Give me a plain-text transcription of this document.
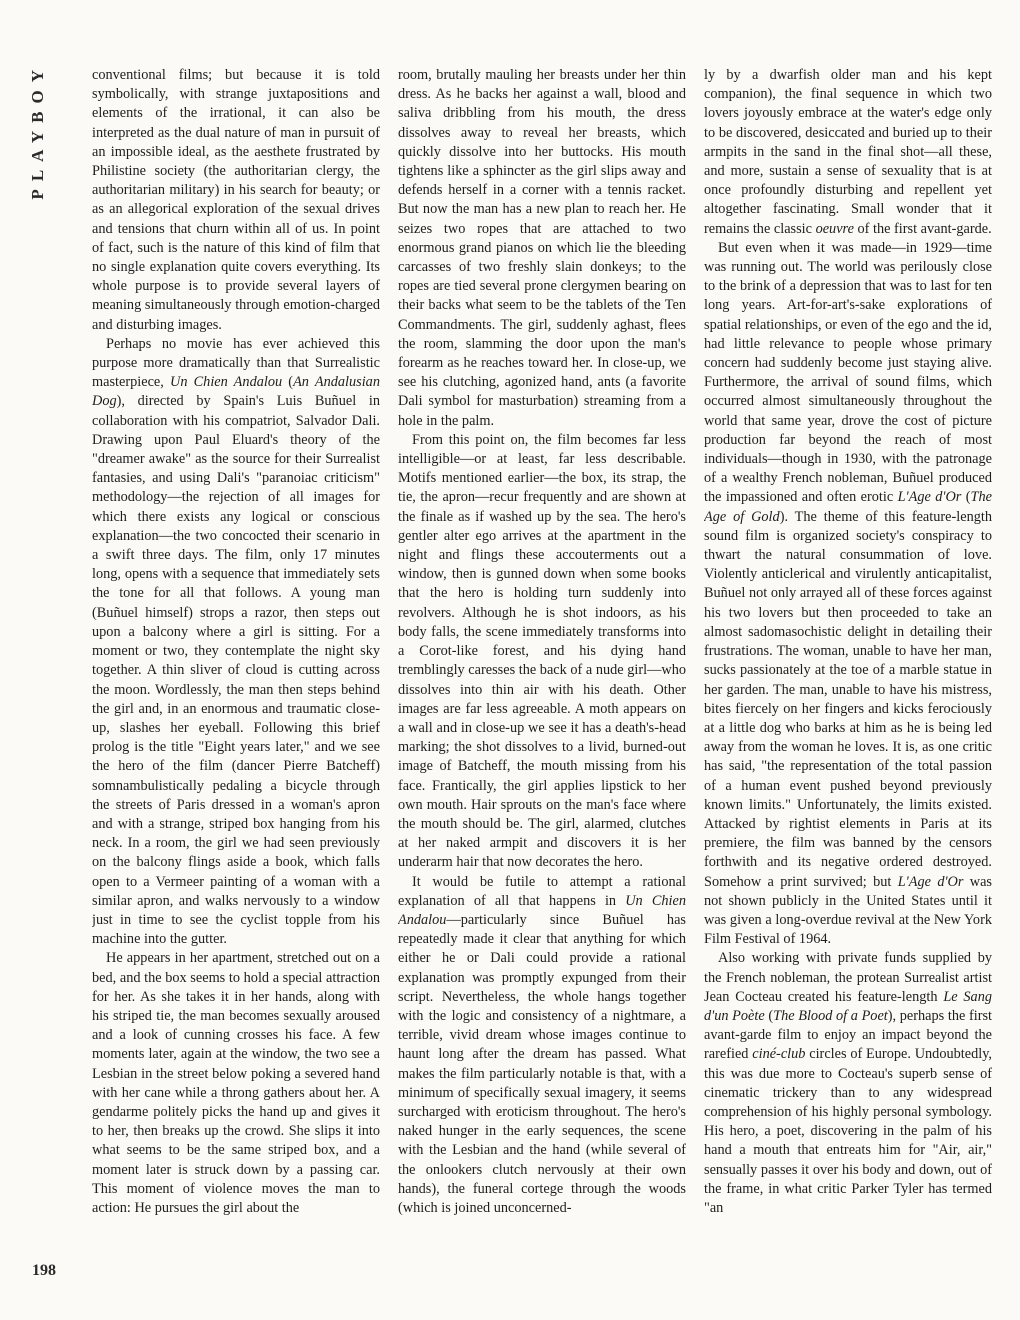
PLAYBOY
198

conventional films; but because it is told symbolically, with strange juxtapositions and elements of the irrational, it can also be interpreted as the dual nature of man in pursuit of an impossible ideal, as the aesthete frustrated by Philistine society (the authoritarian clergy, the authoritarian military) in his search for beauty; or as an allegorical exploration of the sexual drives and tensions that churn within all of us. In point of fact, such is the nature of this kind of film that no single explanation quite covers everything. Its whole purpose is to provide several layers of meaning simultaneously through emotion-charged and disturbing images.

Perhaps no movie has ever achieved this purpose more dramatically than that Surrealistic masterpiece, Un Chien Andalou (An Andalusian Dog), directed by Spain's Luis Buñuel in collaboration with his compatriot, Salvador Dali. Drawing upon Paul Eluard's theory of the "dreamer awake" as the source for their Surrealist fantasies, and using Dali's "paranoiac criticism" methodology—the rejection of all images for which there exists any logical or conscious explanation—the two concocted their scenario in a swift three days. The film, only 17 minutes long, opens with a sequence that immediately sets the tone for all that follows. A young man (Buñuel himself) strops a razor, then steps out upon a balcony where a girl is sitting. For a moment or two, they contemplate the night sky together. A thin sliver of cloud is cutting across the moon. Wordlessly, the man then steps behind the girl and, in an enormous and traumatic close-up, slashes her eyeball. Following this brief prolog is the title "Eight years later," and we see the hero of the film (dancer Pierre Batcheff) somnambulistically pedaling a bicycle through the streets of Paris dressed in a woman's apron and with a strange, striped box hanging from his neck. In a room, the girl we had seen previously on the balcony flings aside a book, which falls open to a Vermeer painting of a woman with a similar apron, and walks nervously to a window just in time to see the cyclist topple from his machine into the gutter.

He appears in her apartment, stretched out on a bed, and the box seems to hold a special attraction for her. As she takes it in her hands, along with his striped tie, the man becomes sexually aroused and a look of cunning crosses his face. A few moments later, again at the window, the two see a Lesbian in the street below poking a severed hand with her cane while a throng gathers about her. A gendarme politely picks the hand up and gives it to her, then breaks up the crowd. She slips it into what seems to be the same striped box, and a moment later is struck down by a passing car. This moment of violence moves the man to action: He pursues the girl about the

room, brutally mauling her breasts under her thin dress. As he backs her against a wall, blood and saliva dribbling from his mouth, the dress dissolves away to reveal her breasts, which quickly dissolve into her buttocks. His mouth tightens like a sphincter as the girl slips away and defends herself in a corner with a tennis racket. But now the man has a new plan to reach her. He seizes two ropes that are attached to two enormous grand pianos on which lie the bleeding carcasses of two freshly slain donkeys; to the ropes are tied several prone clergymen bearing on their backs what seem to be the tablets of the Ten Commandments. The girl, suddenly aghast, flees the room, slamming the door upon the man's forearm as he reaches toward her. In close-up, we see his clutching, agonized hand, ants (a favorite Dali symbol for masturbation) streaming from a hole in the palm.

From this point on, the film becomes far less intelligible—or at least, far less describable. Motifs mentioned earlier—the box, its strap, the tie, the apron—recur frequently and are shown at the finale as if washed up by the sea. The hero's gentler alter ego arrives at the apartment in the night and flings these accouterments out a window, then is gunned down when some books that the hero is holding turn suddenly into revolvers. Although he is shot indoors, as his body falls, the scene immediately transforms into a Corot-like forest, and his dying hand tremblingly caresses the back of a nude girl—who dissolves into thin air with his death. Other images are far less agreeable. A moth appears on a wall and in close-up we see it has a death's-head marking; the shot dissolves to a livid, burned-out image of Batcheff, the mouth missing from his face. Frantically, the girl applies lipstick to her own mouth. Hair sprouts on the man's face where the mouth should be. The girl, alarmed, clutches at her naked armpit and discovers it is her underarm hair that now decorates the hero.

It would be futile to attempt a rational explanation of all that happens in Un Chien Andalou—particularly since Buñuel has repeatedly made it clear that anything for which either he or Dali could provide a rational explanation was promptly expunged from their script. Nevertheless, the whole hangs together with the logic and consistency of a nightmare, a terrible, vivid dream whose images continue to haunt long after the dream has passed. What makes the film particularly notable is that, with a minimum of specifically sexual imagery, it seems surcharged with eroticism throughout. The hero's naked hunger in the early sequences, the scene with the Lesbian and the hand (while several of the onlookers clutch nervously at their own hands), the funeral cortege through the woods (which is joined unconcerned-

ly by a dwarfish older man and his kept companion), the final sequence in which two lovers joyously embrace at the water's edge only to be discovered, desiccated and buried up to their armpits in the sand in the final shot—all these, and more, sustain a sense of sexuality that is at once profoundly disturbing and repellent yet altogether fascinating. Small wonder that it remains the classic oeuvre of the first avant-garde.

But even when it was made—in 1929—time was running out. The world was perilously close to the brink of a depression that was to last for ten long years. Art-for-art's-sake explorations of spatial relationships, or even of the ego and the id, had little relevance to people whose primary concern had suddenly become just staying alive. Furthermore, the arrival of sound films, which occurred almost simultaneously throughout the world that same year, drove the cost of picture production far beyond the reach of most individuals—though in 1930, with the patronage of a wealthy French nobleman, Buñuel produced the impassioned and often erotic L'Age d'Or (The Age of Gold). The theme of this feature-length sound film is organized society's conspiracy to thwart the natural consummation of love. Violently anticlerical and virulently anticapitalist, Buñuel not only arrayed all of these forces against his two lovers but then proceeded to take an almost sadomasochistic delight in detailing their frustrations. The woman, unable to have her man, sucks passionately at the toe of a marble statue in her garden. The man, unable to have his mistress, bites fiercely on her fingers and kicks ferociously at a little dog who barks at him as he is being led away from the woman he loves. It is, as one critic has said, "the representation of the total passion of a human event pushed beyond previously known limits." Unfortunately, the limits existed. Attacked by rightist elements in Paris at its premiere, the film was banned by the censors forthwith and its negative ordered destroyed. Somehow a print survived; but L'Age d'Or was not shown publicly in the United States until it was given a long-overdue revival at the New York Film Festival of 1964.

Also working with private funds supplied by the French nobleman, the protean Surrealist artist Jean Cocteau created his feature-length Le Sang d'un Poète (The Blood of a Poet), perhaps the first avant-garde film to enjoy an impact beyond the rarefied ciné-club circles of Europe. Undoubtedly, this was due more to Cocteau's superb sense of cinematic trickery than to any widespread comprehension of his highly personal symbology. His hero, a poet, discovering in the palm of his hand a mouth that entreats him for "Air, air," sensually passes it over his body and down, out of the frame, in what critic Parker Tyler has termed "an
